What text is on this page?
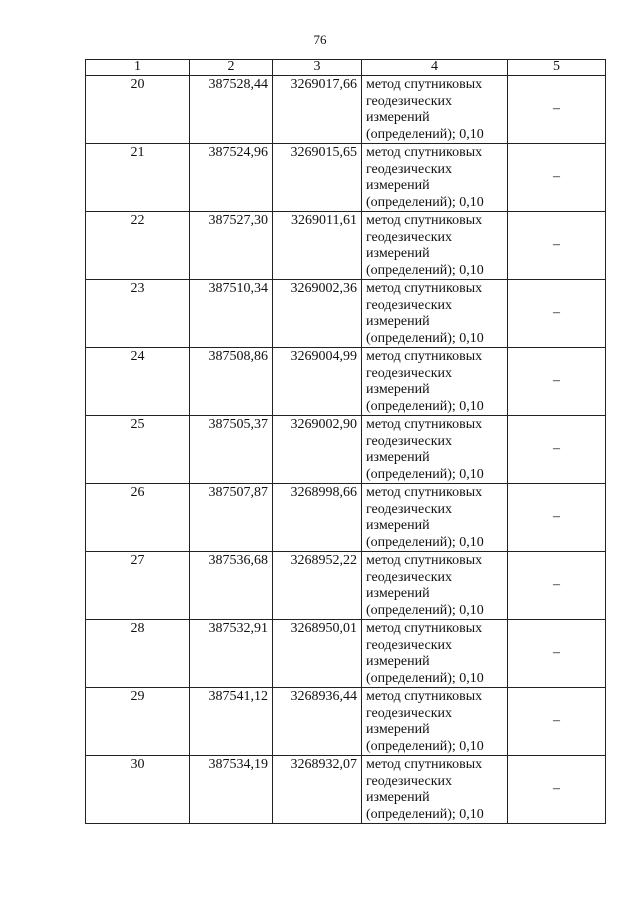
76
1	2	3	4	5
20	387528,44	3269017,66	метод спутниковых
геодезических
измерений
(определений); 0,10	–
21	387524,96	3269015,65	метод спутниковых
геодезических
измерений
(определений); 0,10	–
22	387527,30	3269011,61	метод спутниковых
геодезических
измерений
(определений); 0,10	–
23	387510,34	3269002,36	метод спутниковых
геодезических
измерений
(определений); 0,10	–
24	387508,86	3269004,99	метод спутниковых
геодезических
измерений
(определений); 0,10	–
25	387505,37	3269002,90	метод спутниковых
геодезических
измерений
(определений); 0,10	–
26	387507,87	3268998,66	метод спутниковых
геодезических
измерений
(определений); 0,10	–
27	387536,68	3268952,22	метод спутниковых
геодезических
измерений
(определений); 0,10	–
28	387532,91	3268950,01	метод спутниковых
геодезических
измерений
(определений); 0,10	–
29	387541,12	3268936,44	метод спутниковых
геодезических
измерений
(определений); 0,10	–
30	387534,19	3268932,07	метод спутниковых
геодезических
измерений
(определений); 0,10	–
